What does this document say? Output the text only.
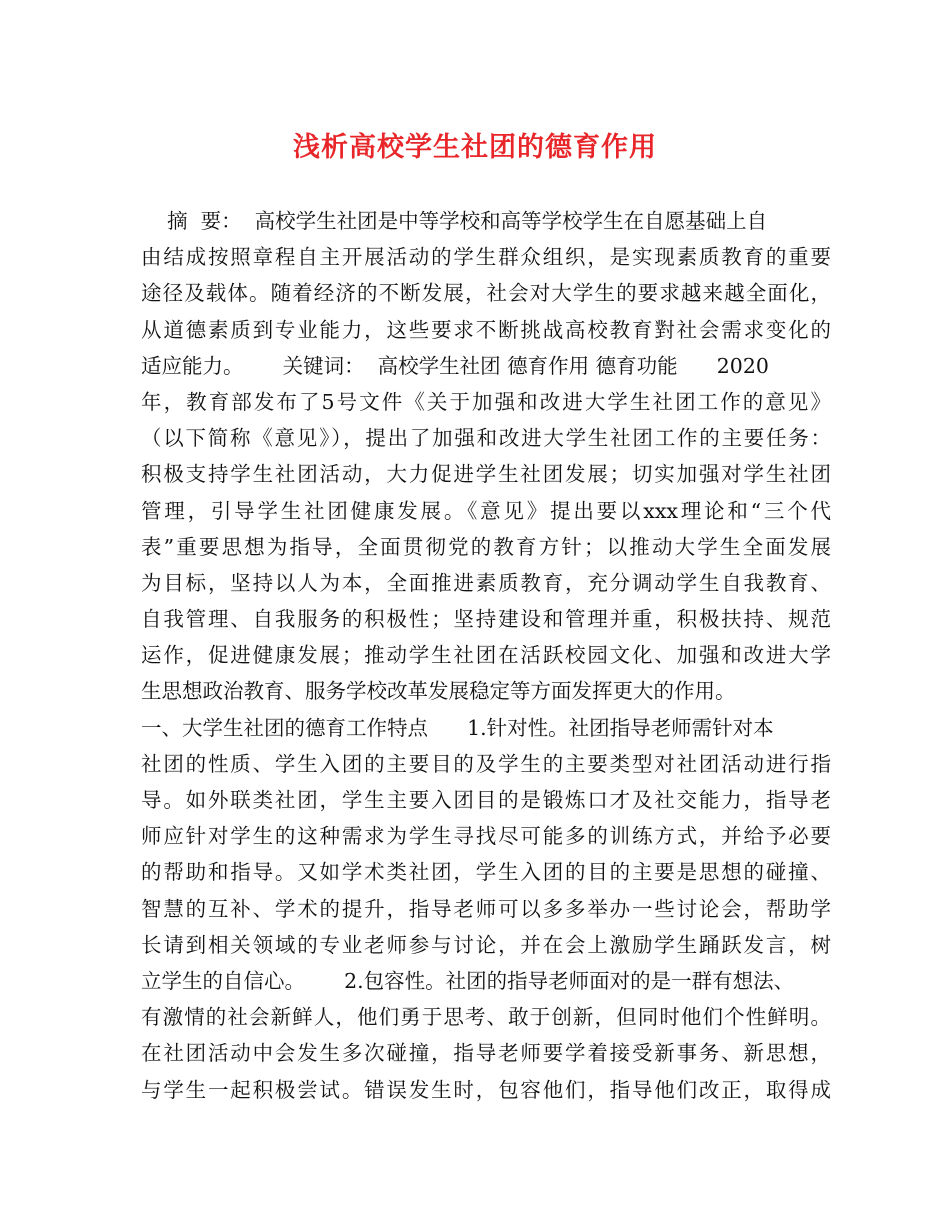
浅析高校学生社团的德育作用
摘  要：  高校学生社团是中等学校和高等学校学生在自愿基础上自
由结成按照章程自主开展活动的学生群众组织，是实现素质教育的重要
途径及载体。随着经济的不断发展，社会对大学生的要求越来越全面化，
从道德素质到专业能力，这些要求不断挑战高校教育對社会需求变化的
适应能力。      关键词：  高校学生社团 德育作用 德育功能      2020
年，教育部发布了5号文件《关于加强和改进大学生社团工作的意见》
（以下简称《意见》），提出了加强和改进大学生社团工作的主要任务：
积极支持学生社团活动，大力促进学生社团发展；切实加强对学生社团
管理，引导学生社团健康发展。《意见》提出要以xxx理论和“三个代
表”重要思想为指导，全面贯彻党的教育方针；以推动大学生全面发展
为目标，坚持以人为本，全面推进素质教育，充分调动学生自我教育、
自我管理、自我服务的积极性；坚持建设和管理并重，积极扶持、规范
运作，促进健康发展；推动学生社团在活跃校园文化、加强和改进大学
生思想政治教育、服务学校改革发展稳定等方面发挥更大的作用。
一、大学生社团的德育工作特点      1.针对性。社团指导老师需针对本
社团的性质、学生入团的主要目的及学生的主要类型对社团活动进行指
导。如外联类社团，学生主要入团目的是锻炼口才及社交能力，指导老
师应针对学生的这种需求为学生寻找尽可能多的训练方式，并给予必要
的帮助和指导。又如学术类社团，学生入团的目的主要是思想的碰撞、
智慧的互补、学术的提升，指导老师可以多多举办一些讨论会，帮助学
长请到相关领域的专业老师参与讨论，并在会上激励学生踊跃发言，树
立学生的自信心。      2.包容性。社团的指导老师面对的是一群有想法、
有激情的社会新鲜人，他们勇于思考、敢于创新，但同时他们个性鲜明。
在社团活动中会发生多次碰撞，指导老师要学着接受新事务、新思想，
与学生一起积极尝试。错误发生时，包容他们，指导他们改正，取得成
